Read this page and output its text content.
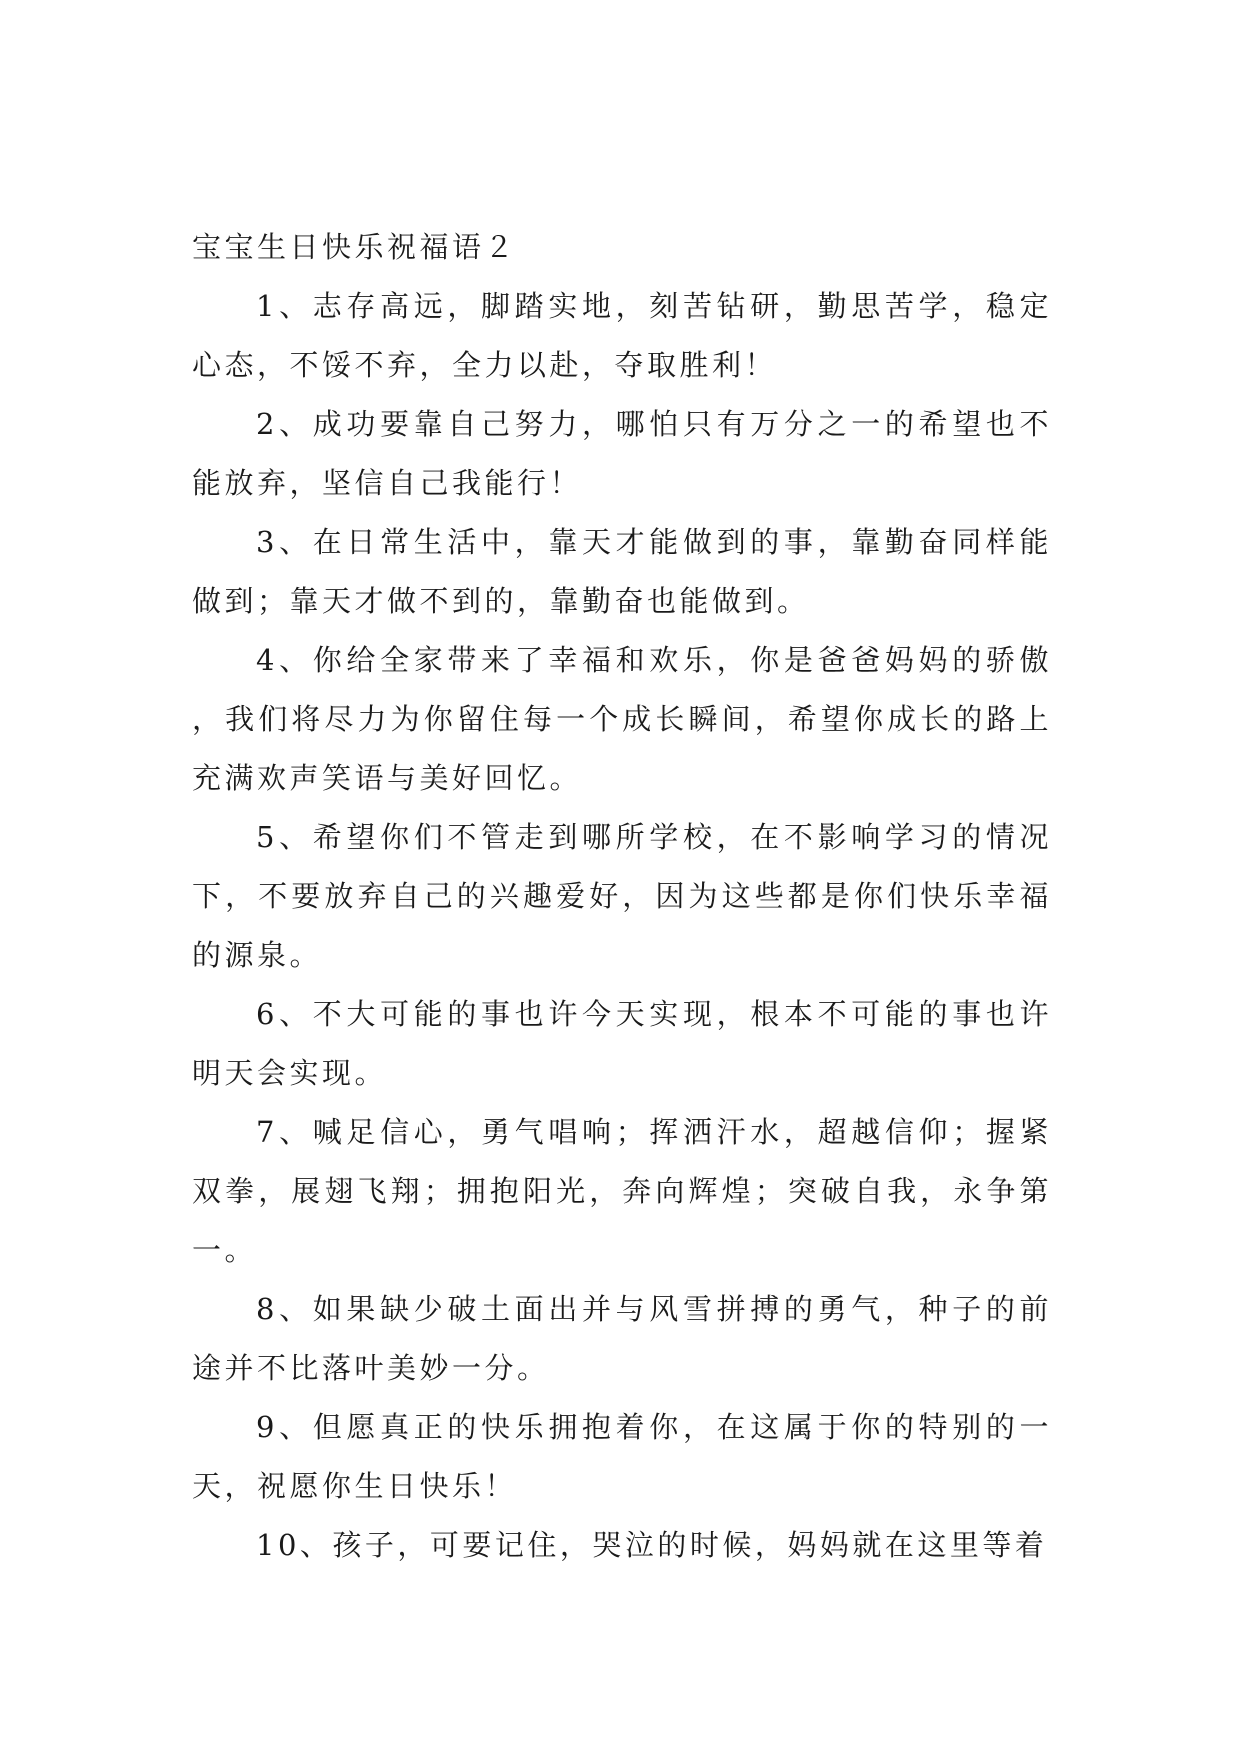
宝宝生日快乐祝福语２

1、志存高远，脚踏实地，刻苦钻研，勤思苦学，稳定心态，不馁不弃，全力以赴，夺取胜利！

2、成功要靠自己努力，哪怕只有万分之一的希望也不能放弃，坚信自己我能行！

3、在日常生活中，靠天才能做到的事，靠勤奋同样能做到；靠天才做不到的，靠勤奋也能做到。

4、你给全家带来了幸福和欢乐，你是爸爸妈妈的骄傲，我们将尽力为你留住每一个成长瞬间，希望你成长的路上充满欢声笑语与美好回忆。

5、希望你们不管走到哪所学校，在不影响学习的情况下，不要放弃自己的兴趣爱好，因为这些都是你们快乐幸福的源泉。

6、不大可能的事也许今天实现，根本不可能的事也许明天会实现。

7、喊足信心，勇气唱响；挥洒汗水，超越信仰；握紧双拳，展翅飞翔；拥抱阳光，奔向辉煌；突破自我，永争第一。

8、如果缺少破土面出并与风雪拼搏的勇气，种子的前途并不比落叶美妙一分。

9、但愿真正的快乐拥抱着你，在这属于你的特别的一天，祝愿你生日快乐！

10、孩子，可要记住，哭泣的时候，妈妈就在这里等着
